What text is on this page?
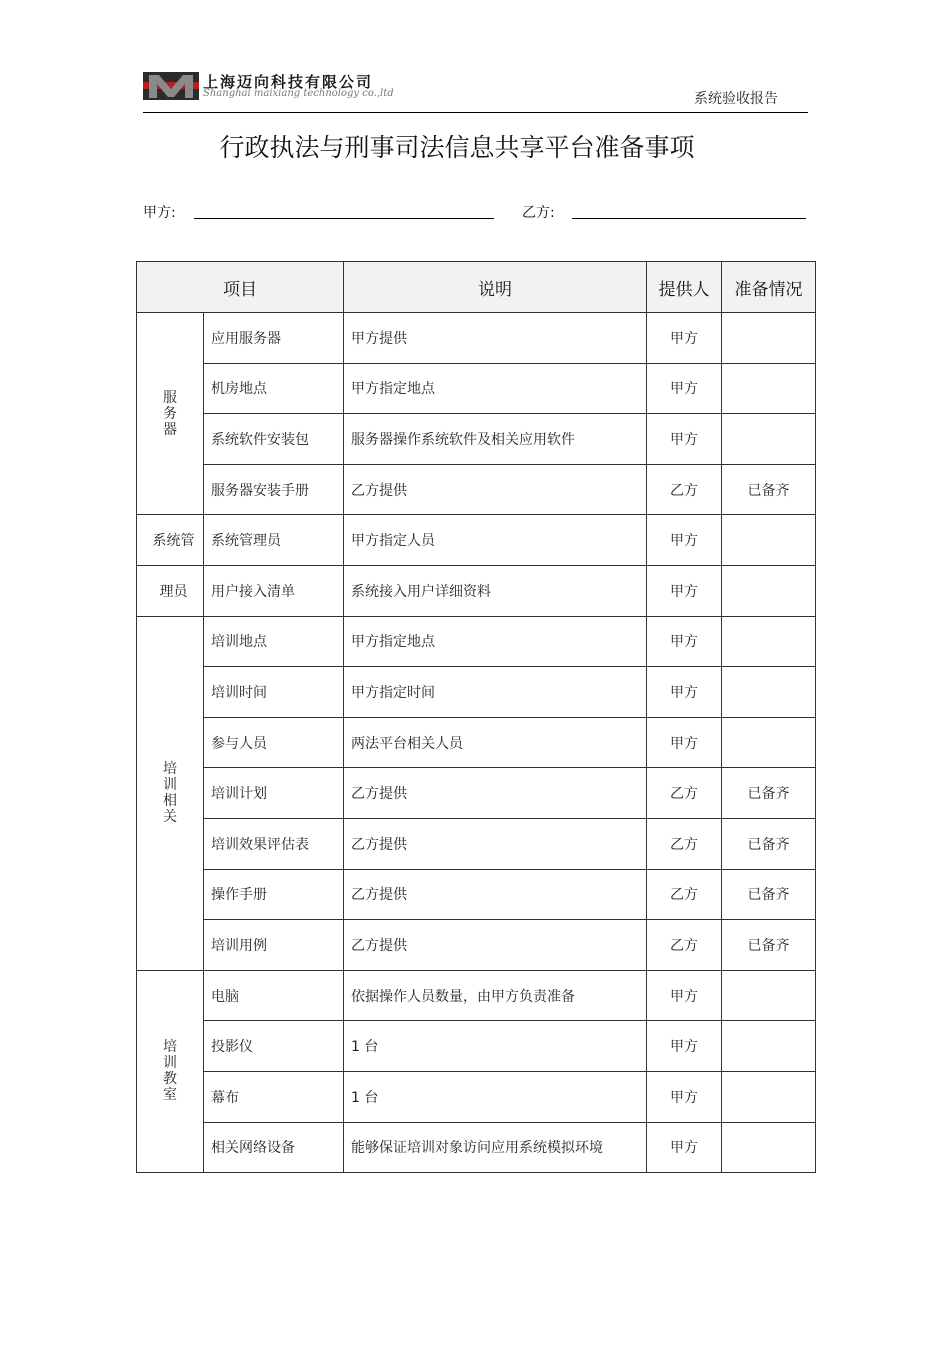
上海迈向科技有限公司
Shanghai maixiang technology co.,ltd	系统验收报告
行政执法与刑事司法信息共享平台准备事项
甲方:	乙方:
项目		说明	提供人	准备情况
服务器	应用服务器	甲方提供	甲方	
	机房地点	甲方指定地点	甲方	
	系统软件安装包	服务器操作系统软件及相关应用软件	甲方	
	服务器安装手册	乙方提供	乙方	已备齐
系统管	系统管理员	甲方指定人员	甲方	
理员	用户接入清单	系统接入用户详细资料	甲方	
培训相关	培训地点	甲方指定地点	甲方	
	培训时间	甲方指定时间	甲方	
	参与人员	两法平台相关人员	甲方	
	培训计划	乙方提供	乙方	已备齐
	培训效果评估表	乙方提供	乙方	已备齐
	操作手册	乙方提供	乙方	已备齐
	培训用例	乙方提供	乙方	已备齐
培训教室	电脑	依据操作人员数量，由甲方负责准备	甲方	
	投影仪	1 台	甲方	
	幕布	1 台	甲方	
	相关网络设备	能够保证培训对象访问应用系统模拟环境	甲方	
